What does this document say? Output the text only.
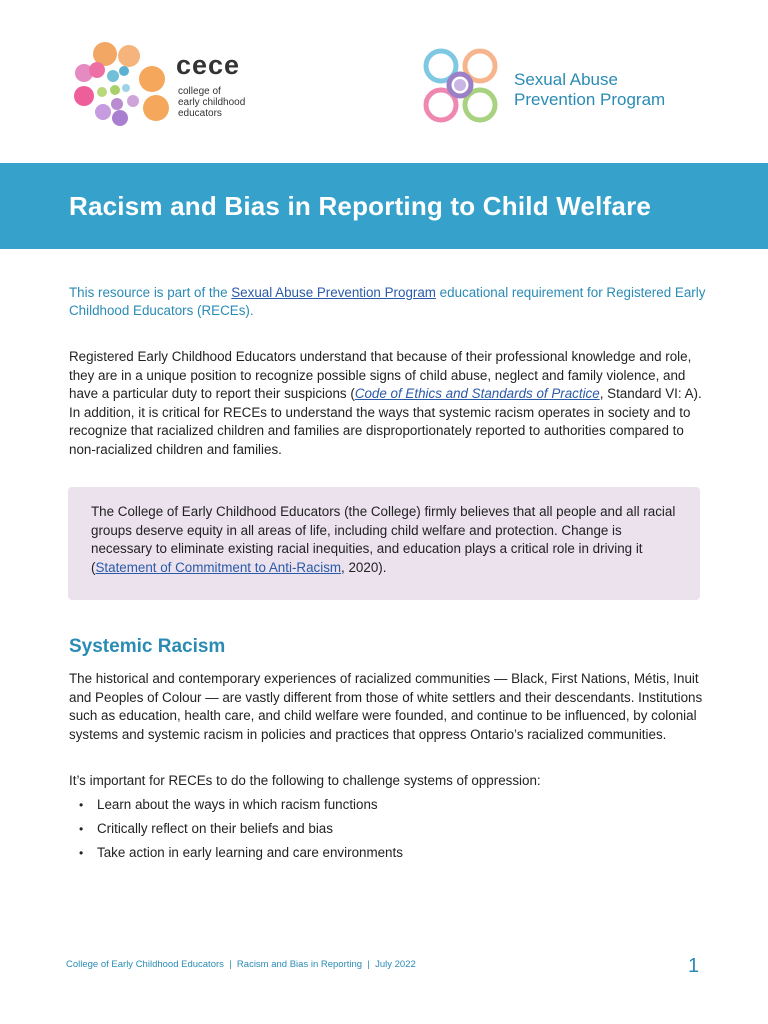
cece
college of
early childhood
educators
Sexual Abuse
Prevention Program
Racism and Bias in Reporting to Child Welfare
This resource is part of the Sexual Abuse Prevention Program educational requirement for Registered Early Childhood Educators (RECEs).
Registered Early Childhood Educators understand that because of their professional knowledge and role, they are in a unique position to recognize possible signs of child abuse, neglect and family violence, and have a particular duty to report their suspicions (Code of Ethics and Standards of Practice, Standard VI: A). In addition, it is critical for RECEs to understand the ways that systemic racism operates in society and to recognize that racialized children and families are disproportionately reported to authorities compared to non-racialized children and families.

The College of Early Childhood Educators (the College) firmly believes that all people and all racial groups deserve equity in all areas of life, including child welfare and protection. Change is necessary to eliminate existing racial inequities, and education plays a critical role in driving it (Statement of Commitment to Anti-Racism, 2020).

Systemic Racism

The historical and contemporary experiences of racialized communities — Black, First Nations, Métis, Inuit and Peoples of Colour — are vastly different from those of white settlers and their descendants. Institutions such as education, health care, and child welfare were founded, and continue to be influenced, by colonial systems and systemic racism in policies and practices that oppress Ontario’s racialized communities.

It’s important for RECEs to do the following to challenge systems of oppression:

• Learn about the ways in which racism functions
• Critically reflect on their beliefs and bias
• Take action in early learning and care environments
College of Early Childhood Educators  |  Racism and Bias in Reporting  |  July 2022	1
